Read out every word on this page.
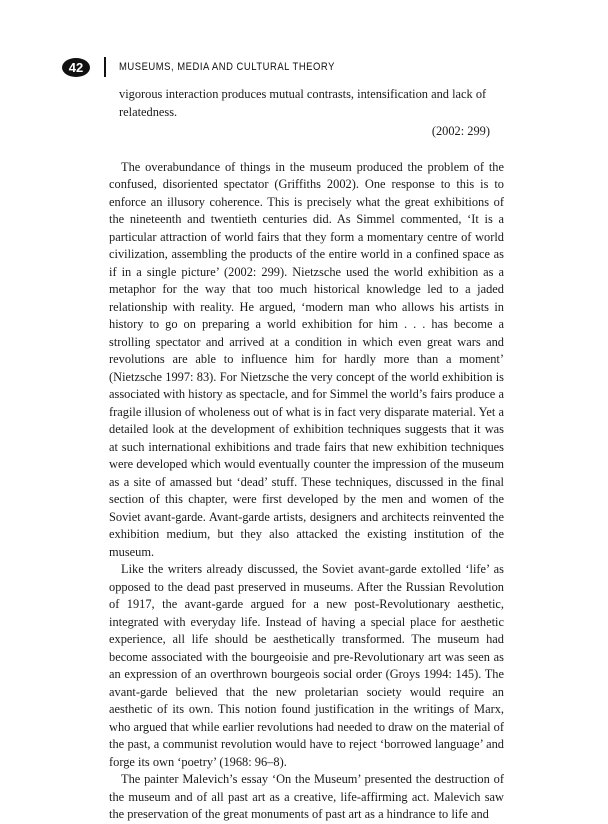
42	MUSEUMS, MEDIA AND CULTURAL THEORY

vigorous interaction produces mutual contrasts, intensification and lack of relatedness.

(2002: 299)

The overabundance of things in the museum produced the problem of the confused, disoriented spectator (Griffiths 2002). One response to this is to enforce an illusory coherence. This is precisely what the great exhibitions of the nineteenth and twentieth centuries did. As Simmel commented, ‘It is a particular attraction of world fairs that they form a momentary centre of world civilization, assembling the products of the entire world in a confined space as if in a single picture’ (2002: 299). Nietzsche used the world exhibition as a metaphor for the way that too much historical knowledge led to a jaded relationship with reality. He argued, ‘modern man who allows his artists in history to go on preparing a world exhibition for him . . . has become a strolling spectator and arrived at a condition in which even great wars and revolutions are able to influence him for hardly more than a moment’ (Nietzsche 1997: 83). For Nietzsche the very concept of the world exhibition is associated with history as spectacle, and for Simmel the world’s fairs produce a fragile illusion of wholeness out of what is in fact very disparate material. Yet a detailed look at the development of exhibition techniques suggests that it was at such international exhibitions and trade fairs that new exhibition techniques were developed which would eventually counter the impression of the museum as a site of amassed but ‘dead’ stuff. These techniques, discussed in the final section of this chapter, were first developed by the men and women of the Soviet avant-garde. Avant-garde artists, designers and architects reinvented the exhibition medium, but they also attacked the existing institution of the museum.

Like the writers already discussed, the Soviet avant-garde extolled ‘life’ as opposed to the dead past preserved in museums. After the Russian Revolution of 1917, the avant-garde argued for a new post-Revolutionary aesthetic, integrated with everyday life. Instead of having a special place for aesthetic experience, all life should be aesthetically transformed. The museum had become associated with the bourgeoisie and pre-Revolutionary art was seen as an expression of an overthrown bourgeois social order (Groys 1994: 145). The avant-garde believed that the new proletarian society would require an aesthetic of its own. This notion found justification in the writings of Marx, who argued that while earlier revolutions had needed to draw on the material of the past, a communist revolution would have to reject ‘borrowed language’ and forge its own ‘poetry’ (1968: 96–8).

The painter Malevich’s essay ‘On the Museum’ presented the destruction of the museum and of all past art as a creative, life-affirming act. Malevich saw the preservation of the great monuments of past art as a hindrance to life and
